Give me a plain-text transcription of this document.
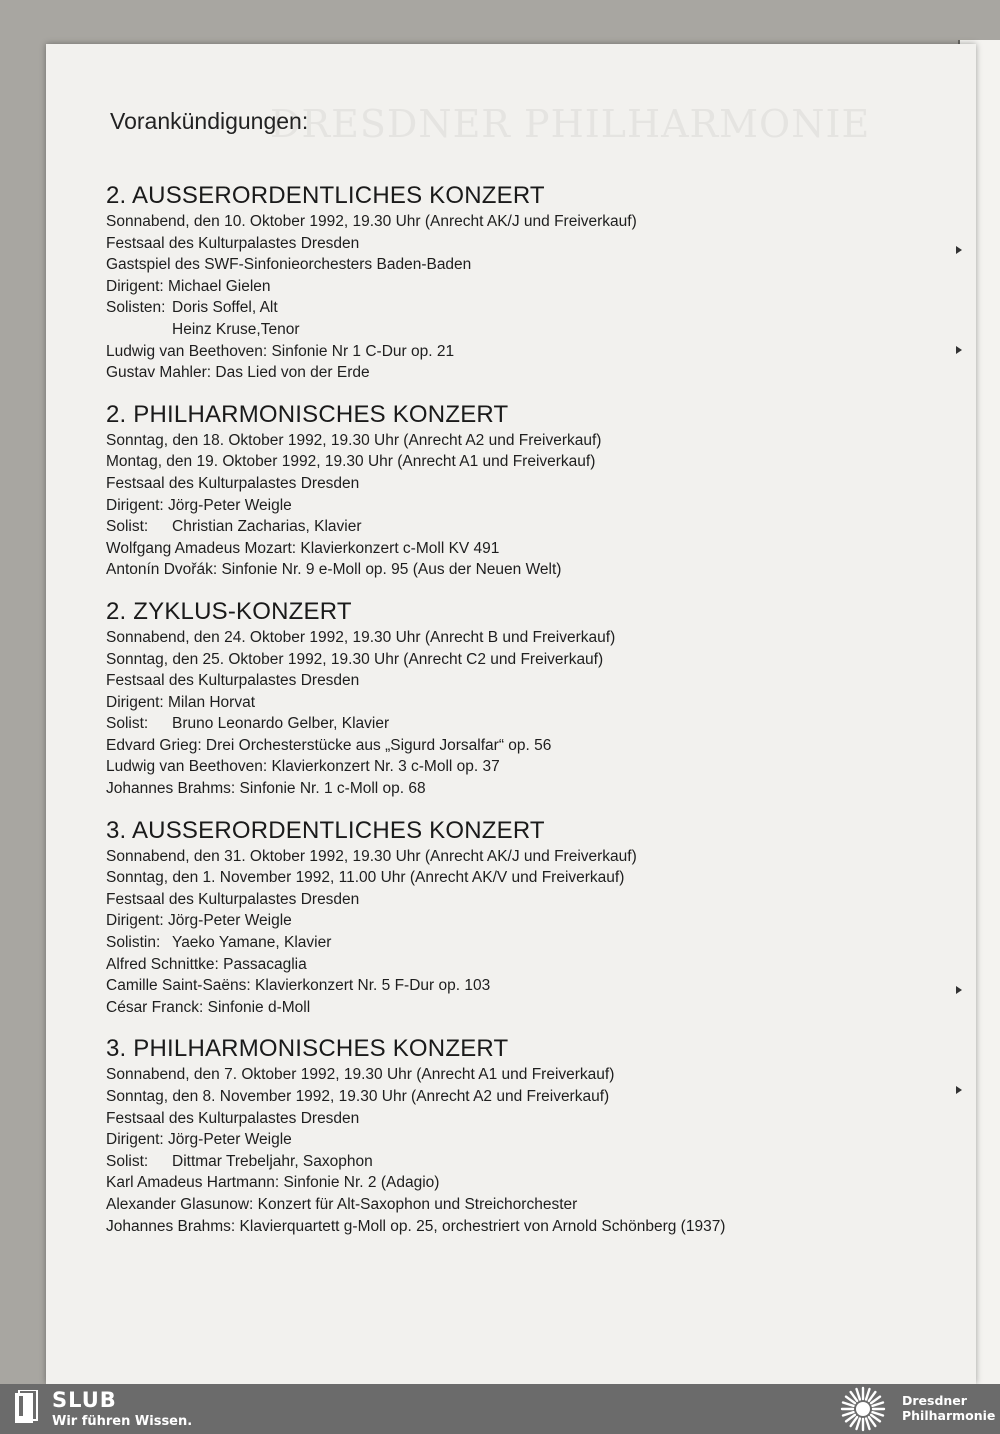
DRESDNER PHILHARMONIE
Vorankündigungen:
2. AUSSERORDENTLICHES KONZERT
Sonnabend, den 10. Oktober 1992, 19.30 Uhr (Anrecht AK/J und Freiverkauf)
Festsaal des Kulturpalastes Dresden
Gastspiel des SWF-Sinfonieorchesters Baden-Baden
Dirigent: Michael Gielen
Solisten: Doris Soffel, Alt
Heinz Kruse,Tenor
Ludwig van Beethoven: Sinfonie Nr 1 C-Dur op. 21
Gustav Mahler: Das Lied von der Erde
2. PHILHARMONISCHES KONZERT
Sonntag, den 18. Oktober 1992, 19.30 Uhr (Anrecht A2 und Freiverkauf)
Montag, den 19. Oktober 1992, 19.30 Uhr (Anrecht A1 und Freiverkauf)
Festsaal des Kulturpalastes Dresden
Dirigent: Jörg-Peter Weigle
Solist: Christian Zacharias, Klavier
Wolfgang Amadeus Mozart: Klavierkonzert c-Moll KV 491
Antonín Dvořák: Sinfonie Nr. 9 e-Moll op. 95 (Aus der Neuen Welt)
2. ZYKLUS-KONZERT
Sonnabend, den 24. Oktober 1992, 19.30 Uhr (Anrecht B und Freiverkauf)
Sonntag, den 25. Oktober 1992, 19.30 Uhr (Anrecht C2 und Freiverkauf)
Festsaal des Kulturpalastes Dresden
Dirigent: Milan Horvat
Solist: Bruno Leonardo Gelber, Klavier
Edvard Grieg: Drei Orchesterstücke aus „Sigurd Jorsalfar“ op. 56
Ludwig van Beethoven: Klavierkonzert Nr. 3 c-Moll op. 37
Johannes Brahms: Sinfonie Nr. 1 c-Moll op. 68
3. AUSSERORDENTLICHES KONZERT
Sonnabend, den 31. Oktober 1992, 19.30 Uhr (Anrecht AK/J und Freiverkauf)
Sonntag, den 1. November 1992, 11.00 Uhr (Anrecht AK/V und Freiverkauf)
Festsaal des Kulturpalastes Dresden
Dirigent: Jörg-Peter Weigle
Solistin: Yaeko Yamane, Klavier
Alfred Schnittke: Passacaglia
Camille Saint-Saëns: Klavierkonzert Nr. 5 F-Dur op. 103
César Franck: Sinfonie d-Moll
3. PHILHARMONISCHES KONZERT
Sonnabend, den 7. Oktober 1992, 19.30 Uhr (Anrecht A1 und Freiverkauf)
Sonntag, den 8. November 1992, 19.30 Uhr (Anrecht A2 und Freiverkauf)
Festsaal des Kulturpalastes Dresden
Dirigent: Jörg-Peter Weigle
Solist: Dittmar Trebeljahr, Saxophon
Karl Amadeus Hartmann: Sinfonie Nr. 2 (Adagio)
Alexander Glasunow: Konzert für Alt-Saxophon und Streichorchester
Johannes Brahms: Klavierquartett g-Moll op. 25, orchestriert von Arnold Schönberg (1937)
SLUB
Wir führen Wissen.
Dresdner
Philharmonie
